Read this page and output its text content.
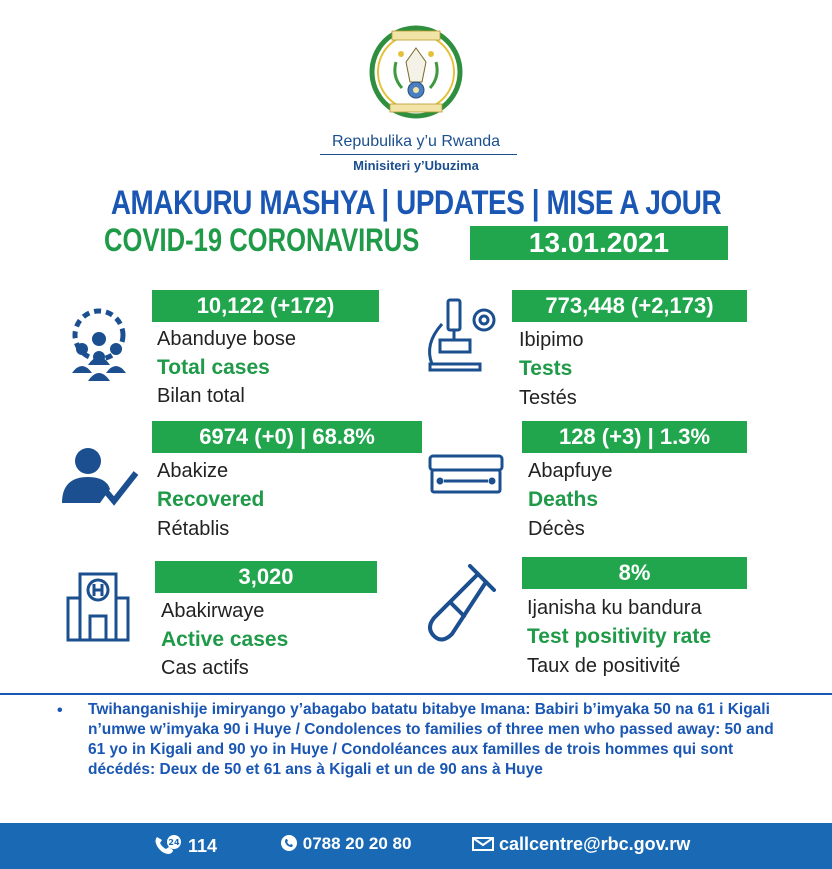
Repubulika y’u Rwanda
Minisiteri y’Ubuzima
AMAKURU MASHYA | UPDATES | MISE A JOUR
COVID-19 CORONAVIRUS	13.01.2021
10,122 (+172)
Abanduye bose
Total cases
Bilan total
773,448 (+2,173)
Ibipimo
Tests
Testés
6974 (+0) | 68.8%
Abakize
Recovered
Rétablis
128 (+3) | 1.3%
Abapfuye
Deaths
Décès
3,020
Abakirwaye
Active cases
Cas actifs
8%
Ijanisha ku bandura
Test positivity rate
Taux de positivité
• Twihanganishije imiryango y’abagabo batatu bitabye Imana: Babiri b’imyaka 50 na 61 i Kigali n’umwe w’imyaka 90 i Huye / Condolences to families of three men who passed away: 50 and 61 yo in Kigali and 90 yo in Huye / Condoléances aux familles de trois hommes qui sont décédés: Deux de 50 et 61 ans à Kigali et un de 90 ans à Huye
24 114	0788 20 20 80	callcentre@rbc.gov.rw
